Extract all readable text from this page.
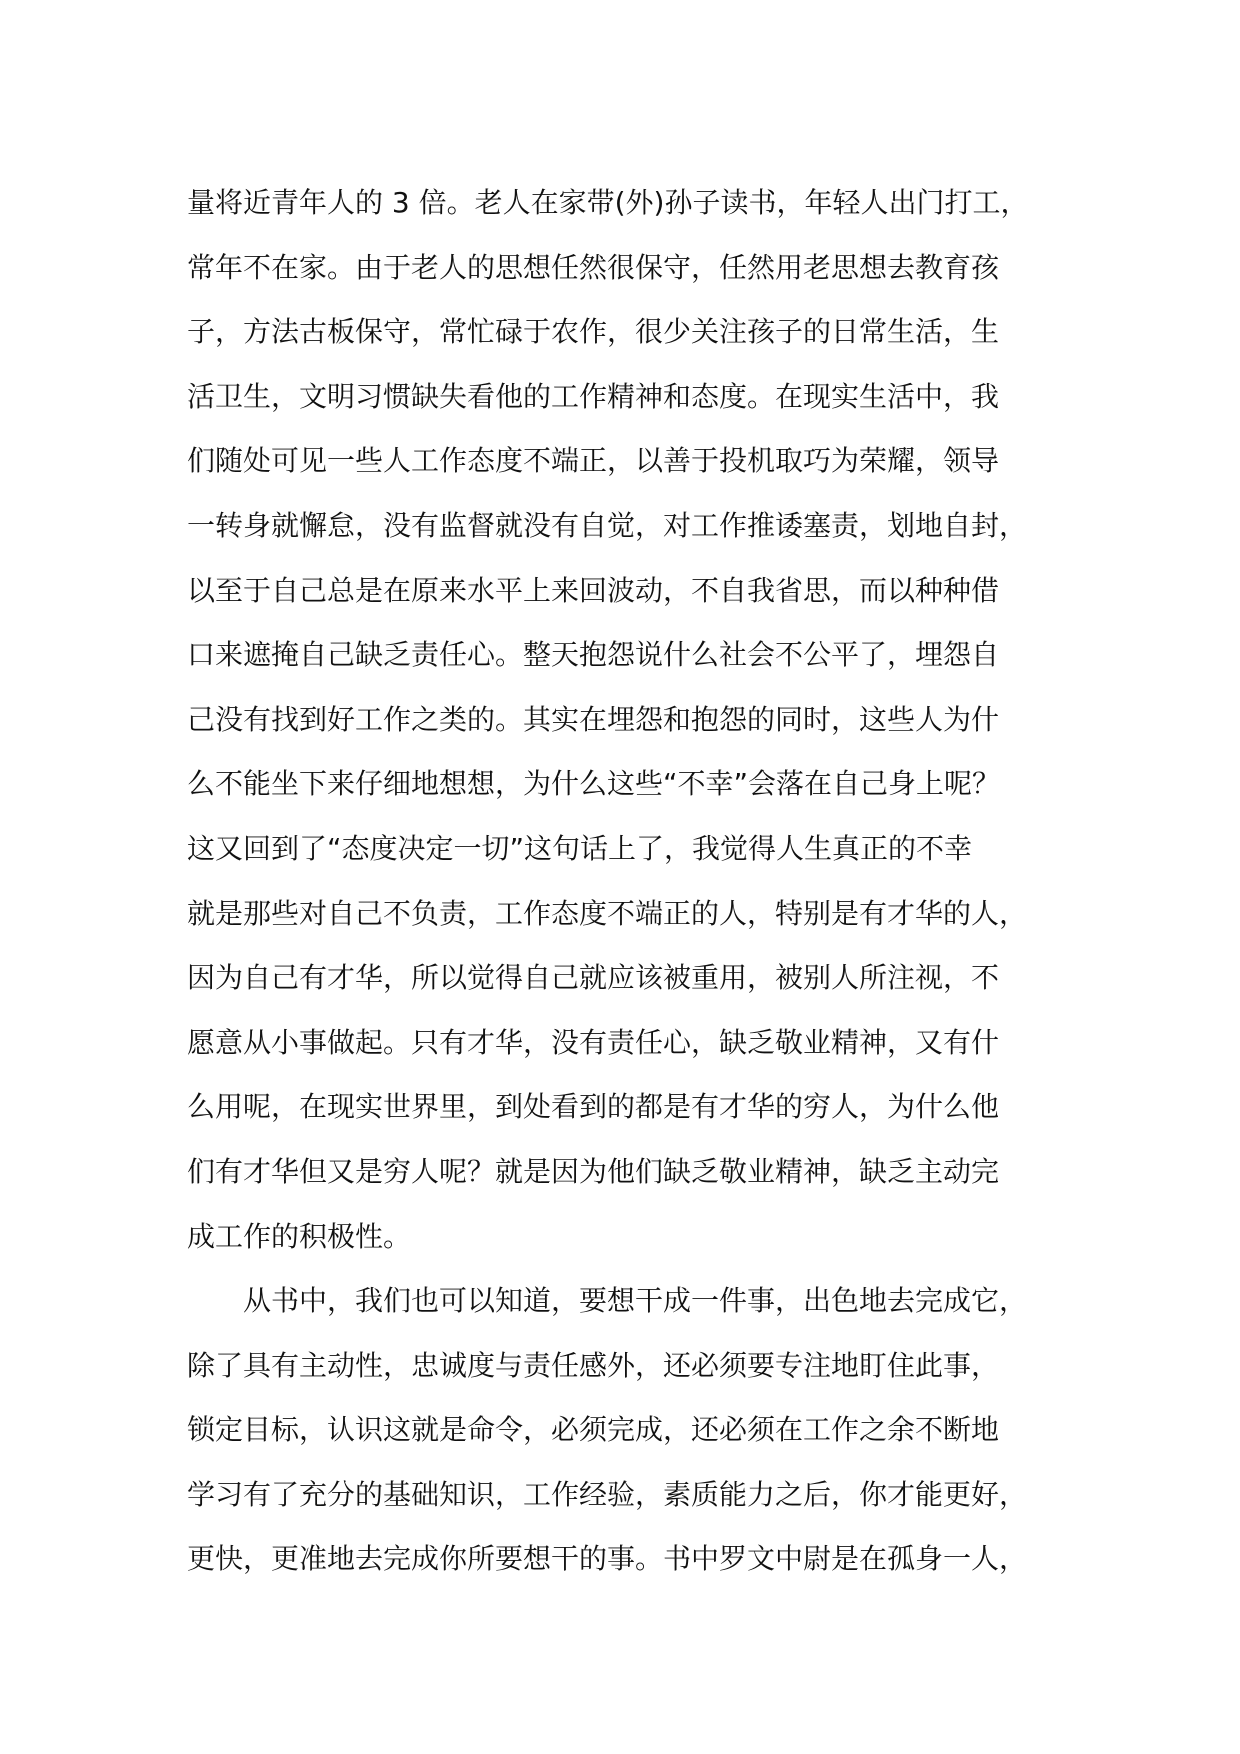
量将近青年人的 3 倍。老人在家带(外)孙子读书，年轻人出门打工，
常年不在家。由于老人的思想任然很保守，任然用老思想去教育孩
子，方法古板保守，常忙碌于农作，很少关注孩子的日常生活，生
活卫生，文明习惯缺失看他的工作精神和态度。在现实生活中，我
们随处可见一些人工作态度不端正，以善于投机取巧为荣耀，领导
一转身就懈怠，没有监督就没有自觉，对工作推诿塞责，划地自封，
以至于自己总是在原来水平上来回波动，不自我省思，而以种种借
口来遮掩自己缺乏责任心。整天抱怨说什么社会不公平了，埋怨自
己没有找到好工作之类的。其实在埋怨和抱怨的同时，这些人为什
么不能坐下来仔细地想想，为什么这些“不幸”会落在自己身上呢？
这又回到了“态度决定一切”这句话上了，我觉得人生真正的不幸
就是那些对自己不负责，工作态度不端正的人，特别是有才华的人，
因为自己有才华，所以觉得自己就应该被重用，被别人所注视，不
愿意从小事做起。只有才华，没有责任心，缺乏敬业精神，又有什
么用呢，在现实世界里，到处看到的都是有才华的穷人，为什么他
们有才华但又是穷人呢？就是因为他们缺乏敬业精神，缺乏主动完
成工作的积极性。
从书中，我们也可以知道，要想干成一件事，出色地去完成它，
除了具有主动性，忠诚度与责任感外，还必须要专注地盯住此事，
锁定目标，认识这就是命令，必须完成，还必须在工作之余不断地
学习有了充分的基础知识，工作经验，素质能力之后，你才能更好，
更快，更准地去完成你所要想干的事。书中罗文中尉是在孤身一人，
